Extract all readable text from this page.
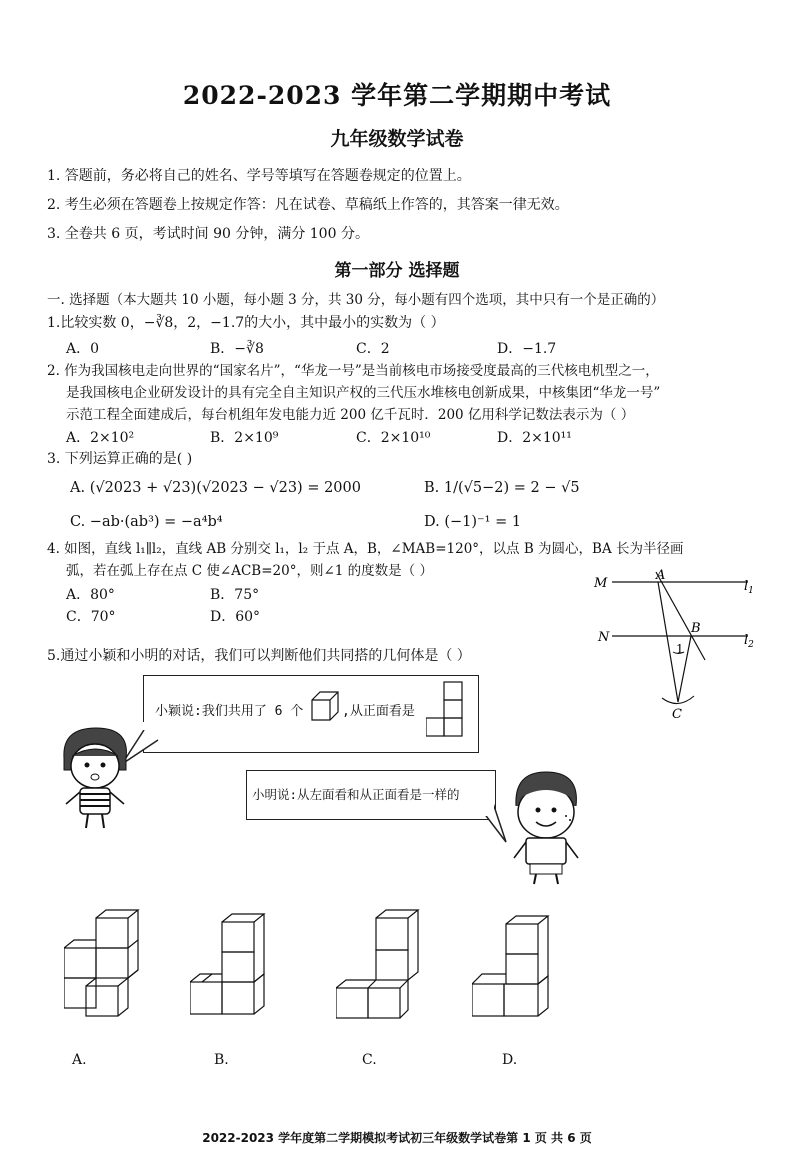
2022-2023 学年第二学期期中考试
九年级数学试卷
1. 答题前，务必将自己的姓名、学号等填写在答题卷规定的位置上。
2. 考生必须在答题卷上按规定作答：凡在试卷、草稿纸上作答的，其答案一律无效。
3. 全卷共 6 页，考试时间 90 分钟，满分 100 分。
第一部分 选择题
一. 选择题（本大题共 10 小题，每小题 3 分，共 30 分，每小题有四个选项，其中只有一个是正确的）
1.比较实数 0，−∛8，2，−1.7的大小，其中最小的实数为（ ）
A．0	B．−∛8	C．2	D．−1.7
2. 作为我国核电走向世界的“国家名片”，“华龙一号”是当前核电市场接受度最高的三代核电机型之一，
是我国核电企业研发设计的具有完全自主知识产权的三代压水堆核电创新成果，中核集团“华龙一号”
示范工程全面建成后，每台机组年发电能力近 200 亿千瓦时．200 亿用科学记数法表示为（ ）
A．2×10²	B．2×10⁹	C．2×10¹⁰	D．2×10¹¹
3. 下列运算正确的是( )
A. (√2023 + √23)(√2023 − √23) = 2000	B. 1/(√5−2) = 2 − √5
C. −ab·(ab³) = −a⁴b⁴	D. (−1)⁻¹ = 1
4. 如图，直线 l₁∥l₂，直线 AB 分别交 l₁，l₂ 于点 A，B，∠MAB=120°，以点 B 为圆心，BA 长为半径画
弧，若在弧上存在点 C 使∠ACB=20°，则∠1 的度数是（ ）
A．80°	B．75°
C．70°	D．60°
M
A
$l_1$
N
B
$l_2$
1
C
5.通过小颖和小明的对话，我们可以判断他们共同搭的几何体是（ ）
小颖说:我们共用了 6 个	,从正面看是
小明说:从左面看和从正面看是一样的
A.	B.	C.	D.
2022-2023 学年度第二学期模拟考试初三年级数学试卷第 1 页 共 6 页
